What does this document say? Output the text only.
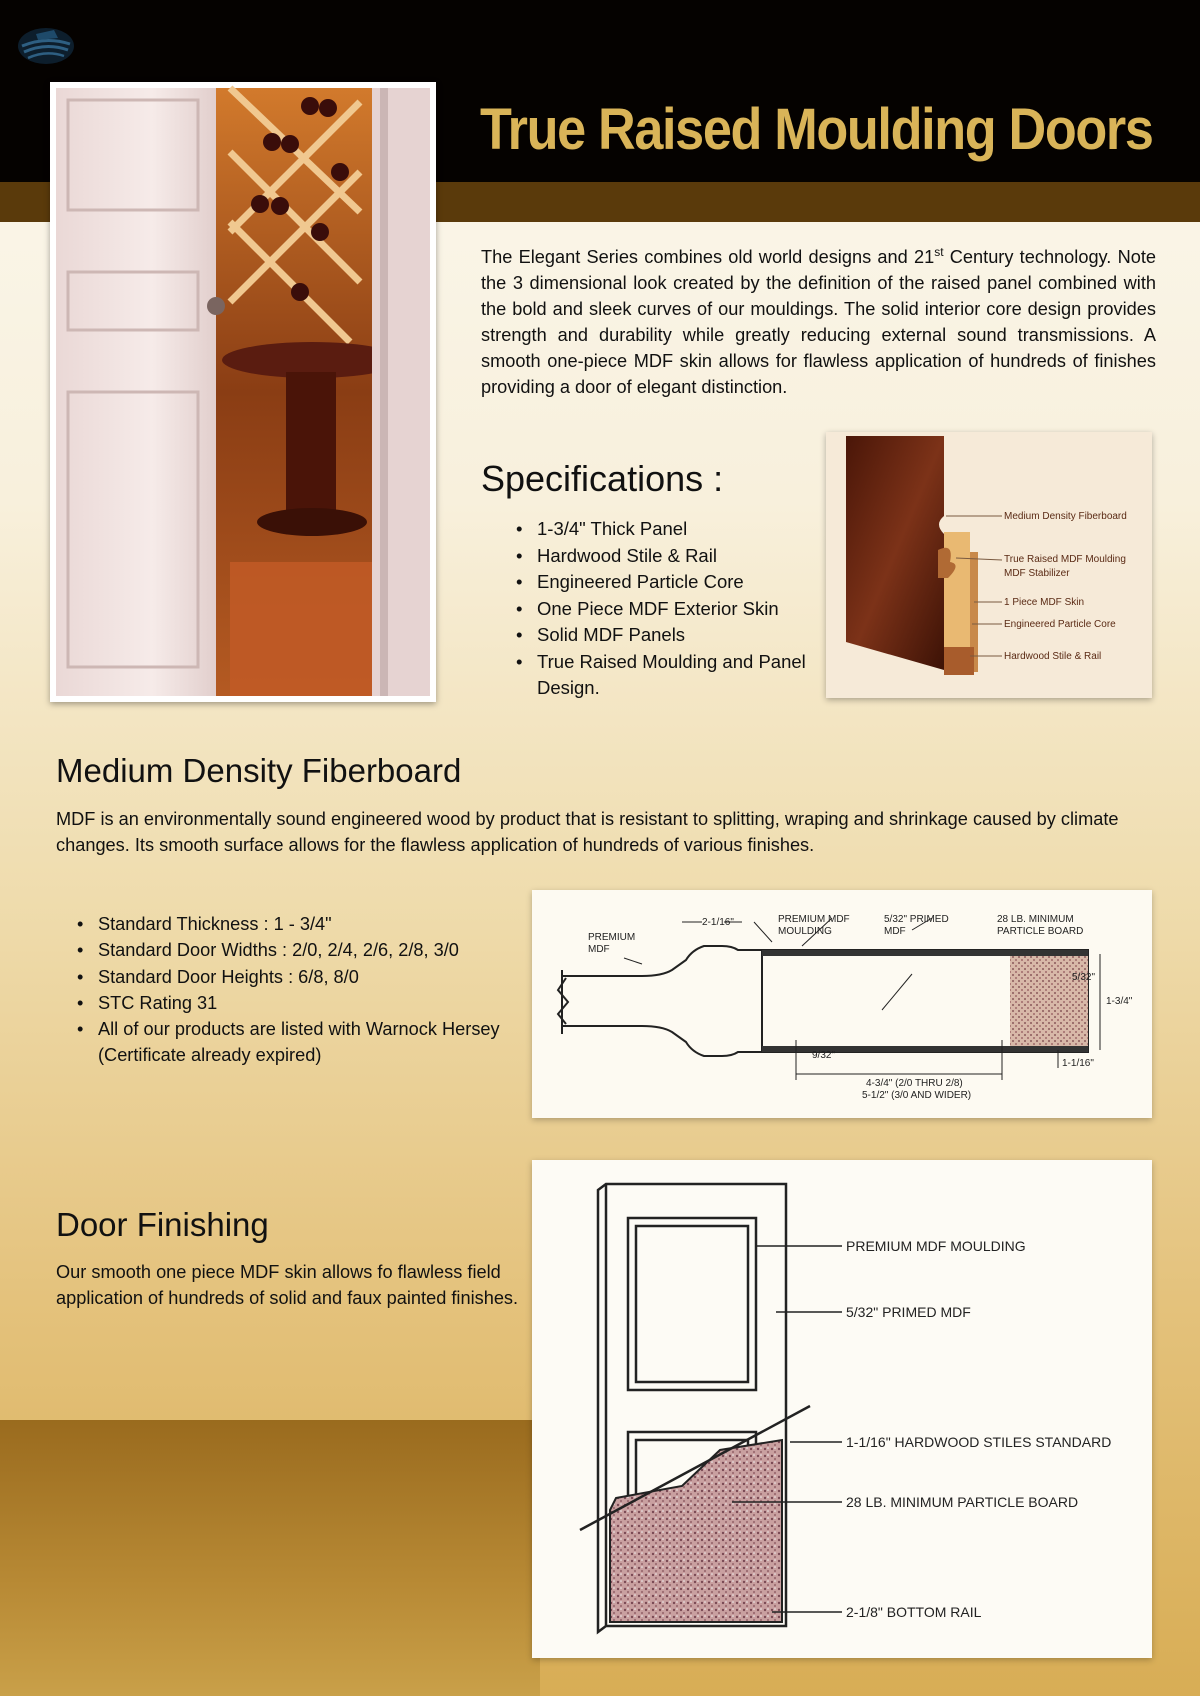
True Raised Moulding Doors
The Elegant Series combines old world designs and 21st Century technology. Note the 3 dimensional look created by the definition of the raised panel combined with the bold and sleek curves of our mouldings. The solid interior core design provides strength and durability while greatly reducing external sound transmissions. A smooth one-piece MDF skin allows for flawless application of hundreds of finishes providing a door of elegant distinction.
Specifications :
• 1-3/4" Thick Panel
• Hardwood Stile & Rail
• Engineered Particle Core
• One Piece MDF Exterior Skin
• Solid MDF Panels
• True Raised Moulding and Panel Design.
Medium Density Fiberboard
True Raised MDF Moulding
MDF Stabilizer
1 Piece MDF Skin
Engineered Particle Core
Hardwood Stile & Rail
Medium Density Fiberboard
MDF is an environmentally sound engineered wood by product that is resistant to splitting, wraping and shrinkage caused by climate changes. Its smooth surface allows for the flawless application of hundreds of various finishes.
• Standard Thickness : 1 - 3/4"
• Standard Door Widths : 2/0, 2/4, 2/6, 2/8, 3/0
• Standard Door Heights : 6/8, 8/0
• STC Rating 31
• All of our products are listed with Warnock Hersey (Certificate already expired)
PREMIUM
MDF
2-1/16"	PREMIUM MDF
MOULDING
5/32" PRIMED
MDF
28 LB. MINIMUM
PARTICLE BOARD
5/32"
1-3/4"
9/32"
1-1/16"
4-3/4" (2/0 THRU 2/8)
5-1/2" (3/0 AND WIDER)
Door Finishing
Our smooth one piece MDF skin allows fo flawless field application of hundreds of solid and faux painted finishes.
PREMIUM MDF MOULDING
5/32" PRIMED MDF
1-1/16" HARDWOOD STILES STANDARD
28 LB. MINIMUM PARTICLE BOARD
2-1/8" BOTTOM RAIL
